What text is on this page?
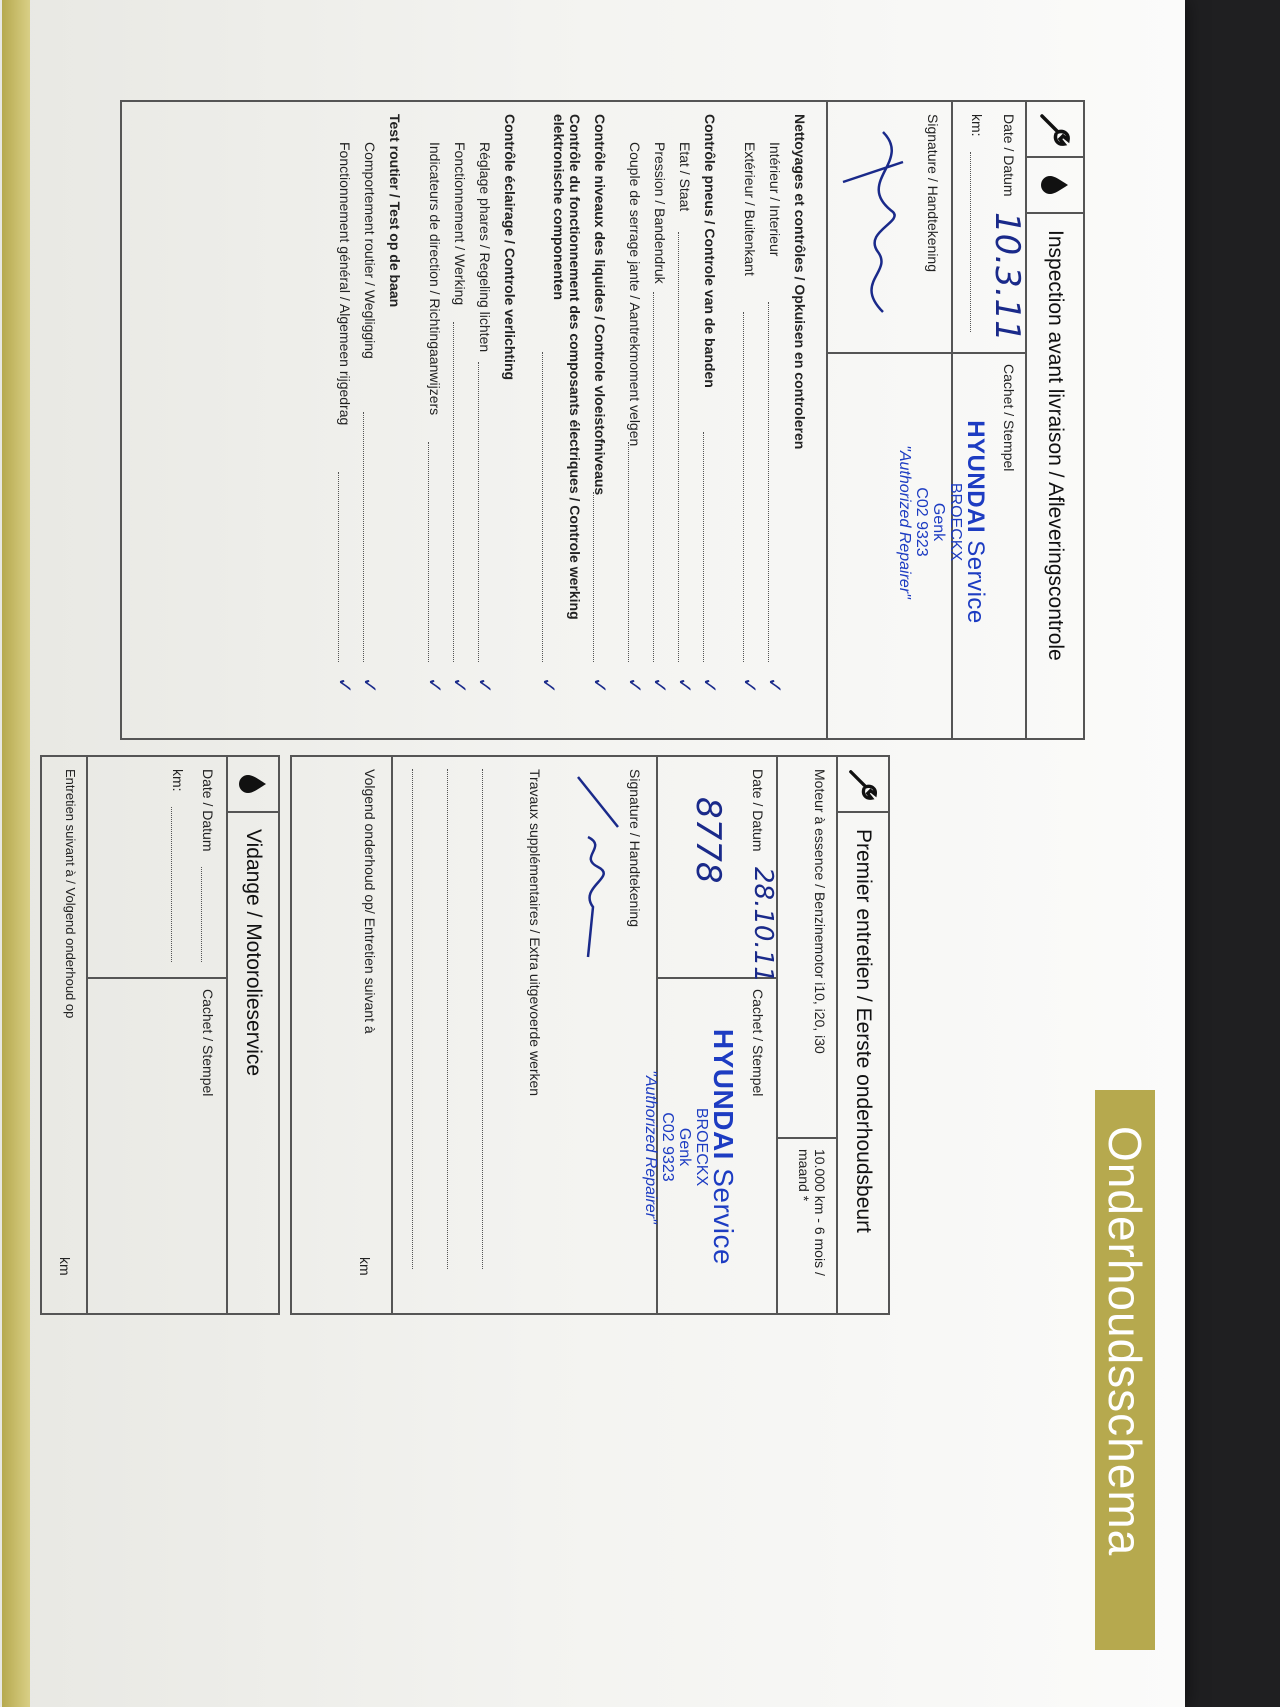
Onderhoudsschema
Inspection avant livraison / Afleveringscontrole
Date / Datum
10.3.11
km:
Cachet / Stempel
HYUNDAI Service
BROECKX
Genk
C02 9323
"Authorized Repairer"
Signature / Handtekening
Nettoyages et contrôles / Opkuisen en controleren
Intérieur / Interieur
✓
Extérieur / Buitenkant
✓
Contrôle pneus / Controle van de banden
✓
Etat / Staat
✓
Pression / Bandendruk
✓
Couple de serrage jante / Aantrekmoment velgen
✓
Contrôle niveaux des liquides / Controle vloeistofniveaus
✓
Contrôle du fonctionnement des composants électriques / Controle werking elektronische componenten
✓
Contrôle éclairage / Controle verlichting
Réglage phares / Regeling lichten
✓
Fonctionnement / Werking
✓
Indicateurs de direction / Richtingaanwijzers
✓
Test routier / Test op de baan
Comportement routier / Wegligging
✓
Fonctionnement général / Algemeen rijgedrag
✓
Premier entretien / Eerste onderhoudsbeurt
Moteur à essence / Benzinemotor i10, i20, i30
10.000 km - 6 mois / maand *
Date / Datum
28.10.11
8778
Cachet / Stempel
HYUNDAI Service
BROECKX
Genk
C02 9323
"Authorized Repairer"
Signature / Handtekening
Travaux supplémentaires / Extra uitgevoerde werken
Volgend onderhoud op/ Entretien suivant à
km
Vidange / Motorolieservice
Date / Datum
km:
Cachet / Stempel
Entretien suivant à / Volgend onderhoud op
km
